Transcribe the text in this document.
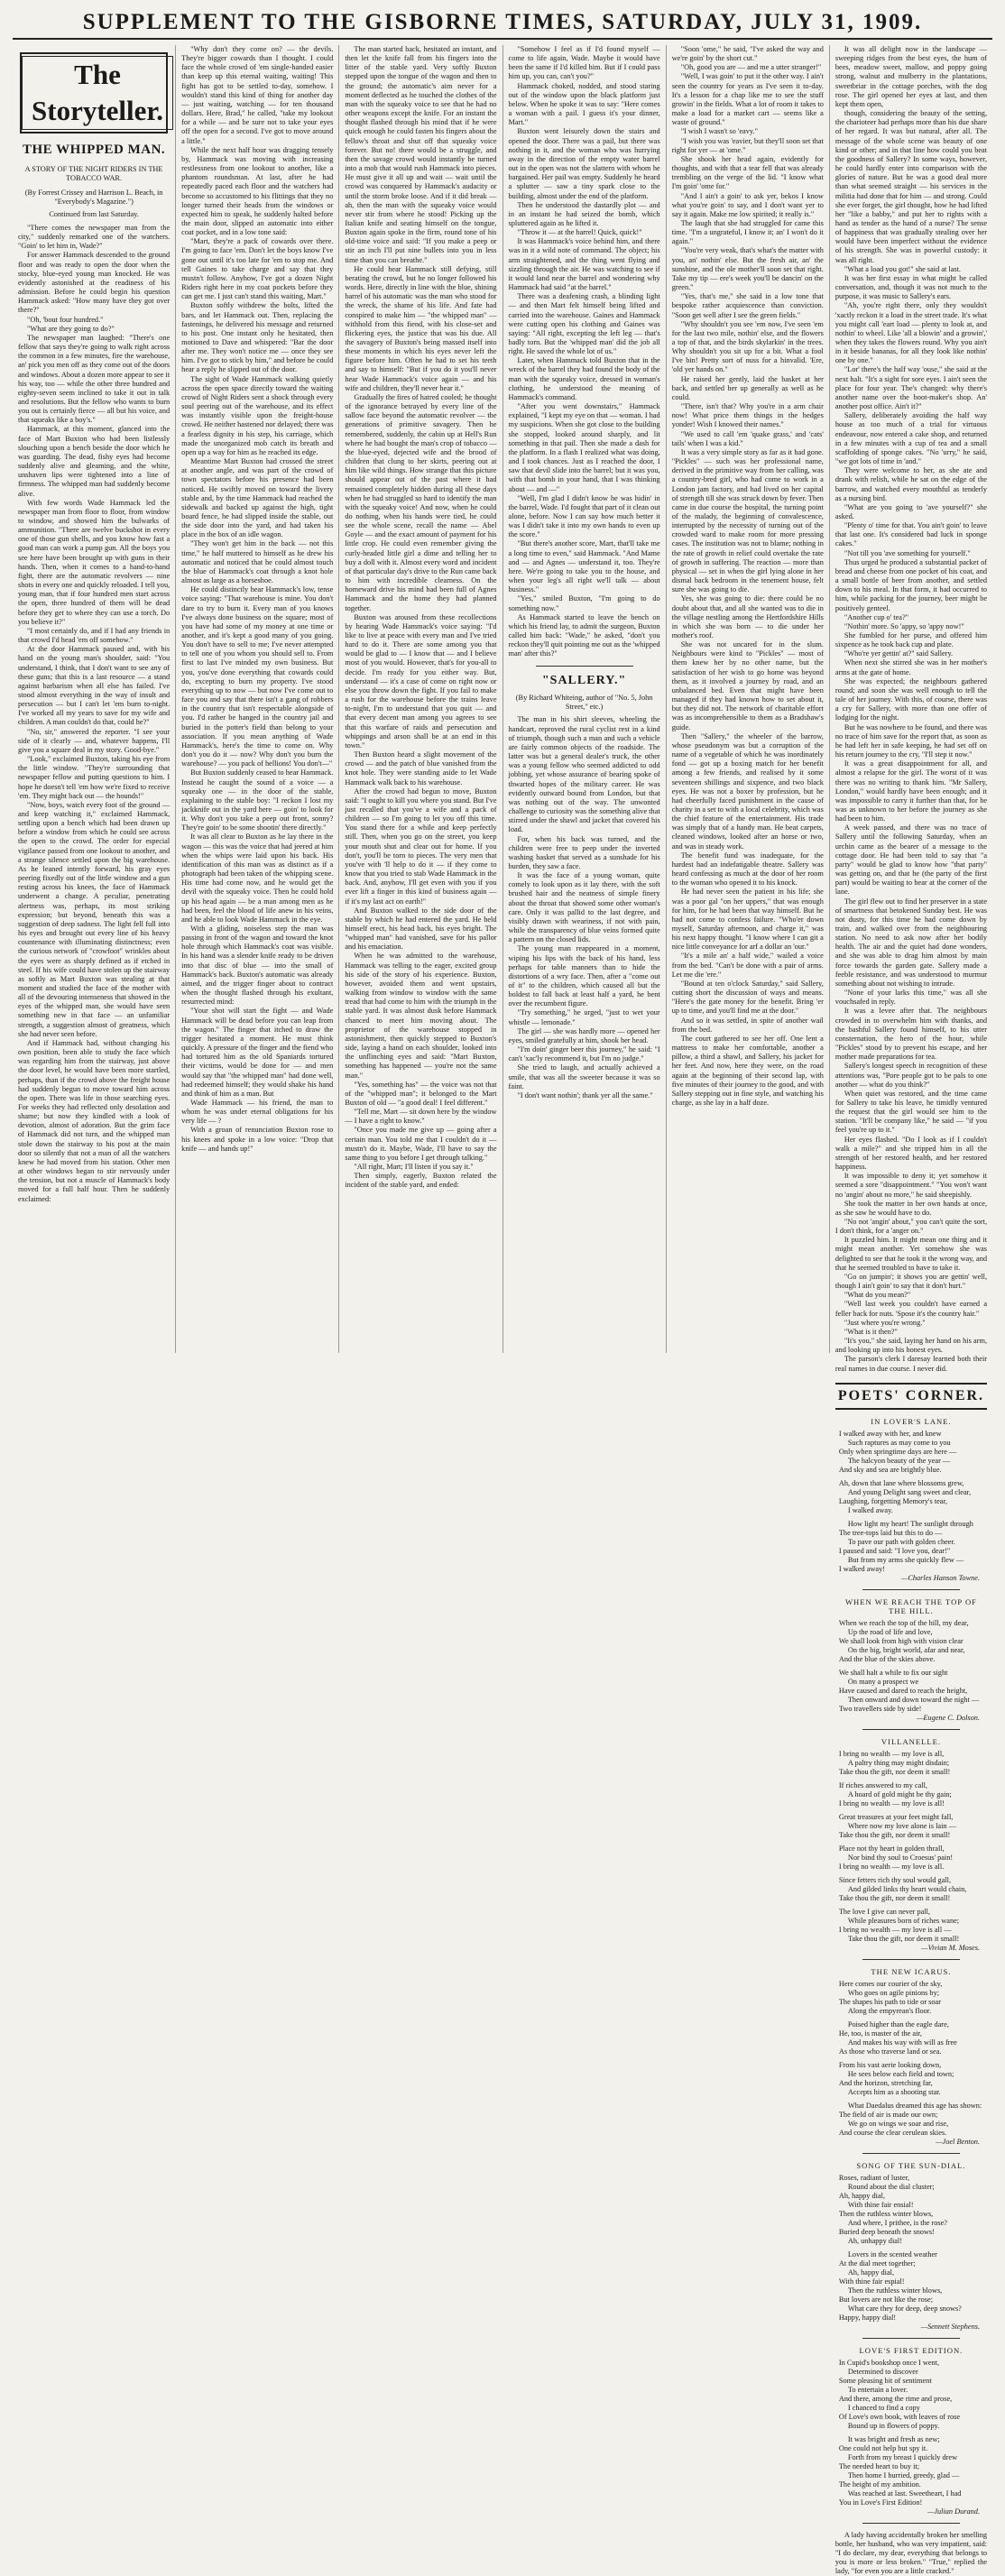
SUPPLEMENT TO THE GISBORNE TIMES, SATURDAY, JULY 31, 1909.
The Storyteller.
THE WHIPPED MAN.
A STORY OF THE NIGHT RIDERS IN THE TOBACCO WAR.
(By Forrest Crissey and Harrison L. Beach, in "Everybody's Magazine.")
Continued from last Saturday.

"There comes the newspaper man from the city," suddenly remarked one of the watchers. "Goin' to let him in, Wade?"

For answer Hammack descended to the ground floor and was ready to open the door when the stocky, blue-eyed young man knocked. He was evidently astonished at the readiness of his admission. Before he could begin his question Hammack asked: "How many have they got over there?"

"Oh, 'bout four hundred."

"What are they going to do?"

The newspaper man laughed: "There's one fellow that says they're going to walk right across the common in a few minutes, fire the warehouse, an' pick you men off as they come out of the doors and windows. About a dozen more appear to see it his way, too — while the other three hundred and eighty-seven seem inclined to take it out in talk and resolutions. But the fellow who wants to burn you out is certainly fierce — all but his voice, and that squeaks like a boy's."

Hammack, at this moment, glanced into the face of Mart Buxton who had been listlessly slouching upon a bench beside the door which he was guarding. The dead, fishy eyes had become suddenly alive and gleaming, and the white, unshaven lips were tightened into a line of firmness. The whipped man had suddenly become alive.

With few words Wade Hammack led the newspaper man from floor to floor, from window to window, and showed him the bulwarks of ammunition. "There are twelve buckshot in every one of those gun shells, and you know how fast a good man can work a pump gun. All the boys you see here have been brought up with guns in their hands. Then, when it comes to a hand-to-hand fight, there are the automatic revolvers — nine shots in every one and quickly reloaded. I tell you, young man, that if four hundred men start across the open, three hundred of them will be dead before they get to where they can use a torch. Do you believe it?"

"I most certainly do, and if I had any friends in that crowd I'd head 'em off somehow."

At the door Hammack paused and, with his hand on the young man's shoulder, said: "You understand, I think, that I don't want to see any of these guns; that this is a last resource — a stand against barbarism when all else has failed. I've stood almost everything in the way of insult and persecution — but I can't let 'em burn to-night. I've worked all my years to save for my wife and children. A man couldn't do that, could he?"

"No, sir," answered the reporter. "I see your side of it clearly — and, whatever happens, I'll give you a square deal in my story. Good-bye."

"Look," exclaimed Buxton, taking his eye from the little window. "They're surrounding that newspaper fellow and putting questions to him. I hope he doesn't tell 'em how we're fixed to receive 'em. They might back out — the hounds!"

"Now, boys, watch every foot of the ground — and keep watching it," exclaimed Hammack, settling upon a bench which had been drawn up before a window from which he could see across the open to the crowd. The order for especial vigilance passed from one lookout to another, and a strange silence settled upon the big warehouse. As he leaned intently forward, his gray eyes peering fixedly out of the little window and a gun resting across his knees, the face of Hammack underwent a change. A peculiar, penetrating alertness was, perhaps, its most striking expression; but beyond, beneath this was a suggestion of deep sadness. The light fell full into his eyes and brought out every line of his heavy countenance with illuminating distinctness; even the curious network of "crowfoot" wrinkles about the eyes were as sharply defined as if etched in steel. If his wife could have stolen up the stairway as softly as Mart Buxton was stealing at that moment and studied the face of the mother with all of the devouring intenseness that showed in the eyes of the whipped man, she would have seen something new in that face — an unfamiliar strength, a suggestion almost of greatness, which she had never seen before.

And if Hammack had, without changing his own position, been able to study the face which was regarding him from the stairway, just above the door level, he would have been more startled, perhaps, than if the crowd above the freight house had suddenly begun to move toward him across the open. There was life in those searching eyes. For weeks they had reflected only desolation and shame; but now they kindled with a look of devotion, almost of adoration. But the grim face of Hammack did not turn, and the whipped man stole down the stairway to his post at the main door so silently that not a man of all the watchers knew he had moved from his station. Other men at other windows began to stir nervously under the tension, but not a muscle of Hammack's body moved for a full half hour. Then he suddenly exclaimed:

"Why don't they come on? — the devils. They're bigger cowards than I thought. I could face the whole crowd of 'em single-handed easier than keep up this eternal waiting, waiting! This fight has got to be settled to-day, somehow. I wouldn't stand this kind of thing for another day — just waiting, watching — for ten thousand dollars. Here, Brad," he called, "take my lookout for a while — and be sure not to take your eyes off the open for a second. I've got to move around a little."

While the next half hour was dragging tensely by, Hammack was moving with increasing restlessness from one lookout to another, like a phantom roundsman. At last, after he had repeatedly paced each floor and the watchers had become so accustomed to his flittings that they no longer turned their heads from the windows or expected him to speak, he suddenly halted before the main door, slipped an automatic into either coat pocket, and in a low tone said:

"Mart, they're a pack of cowards over there. I'm going to face 'em. Don't let the boys know I've gone out until it's too late for 'em to stop me. And tell Gaines to take charge and say that they mustn't follow. Anyhow, I've got a dozen Night Riders right here in my coat pockets before they can get me. I just can't stand this waiting, Mart."

Buxton softly withdrew the bolts, lifted the bars, and let Hammack out. Then, replacing the fastenings, he delivered his message and returned to his post. One instant only he hesitated, then motioned to Dave and whispered: "Bar the door after me. They won't notice me — once they see him. I've got to stick by him," and before he could hear a reply he slipped out of the door.

The sight of Wade Hammack walking quietly across the open space directly toward the waiting crowd of Night Riders sent a shock through every soul peering out of the warehouse, and its effect was instantly visible upon the freight-house crowd. He neither hastened nor delayed; there was a fearless dignity in his step, his carriage, which made the unorganized mob catch its breath and open up a way for him as he reached its edge.

Meantime Mart Buxton had crossed the street at another angle, and was part of the crowd of town spectators before his presence had been noticed. He swiftly moved on toward the livery stable and, by the time Hammack had reached the sidewalk and backed up against the high, tight board fence, he had slipped inside the stable, out the side door into the yard, and had taken his place in the box of an idle wagon.

"They won't get him in the back — not this time," he half muttered to himself as he drew his automatic and noticed that he could almost touch the blue of Hammack's coat through a knot hole almost as large as a horseshoe.

He could distinctly hear Hammack's low, tense voice saying: "That warehouse is mine. You don't dare to try to burn it. Every man of you knows I've always done business on the square; most of you have had some of my money at one time or another, and it's kept a good many of you going. You don't have to sell to me; I've never attempted to tell one of you whom you should sell to. From first to last I've minded my own business. But you, you've done everything that cowards could do, excepting to burn my property. I've stood everything up to now — but now I've come out to face you and say that there isn't a gang of robbers in the country that isn't respectable alongside of you. I'd rather be hanged in the country jail and buried in the potter's field than belong to your association. If you mean anything of Wade Hammack's, here's the time to come on. Why don't you do it — now? Why don't you burn the warehouse? — you pack of hellions! You don't—"

But Buxton suddenly ceased to hear Hammack. Instead he caught the sound of a voice — a squeaky one — in the door of the stable, explaining to the stable boy: "I reckon I lost my jackknife out in the yard here — goin' to look for it. Why don't you take a peep out front, sonny? They're goin' to be some shootin' there directly."

It was all clear to Buxton as he lay there in the wagon — this was the voice that had jeered at him when the whips were laid upon his back. His identification of this man was as distinct as if a photograph had been taken of the whipping scene. His time had come now, and he would get the devil with the squeaky voice. Then he could hold up his head again — be a man among men as he had been, feel the blood of life anew in his veins, and he able to look Wade Hammack in the eye.

With a gliding, noiseless step the man was passing in front of the wagon and toward the knot hole through which Hammack's coat was visible. In his hand was a slender knife ready to be driven into that disc of blue — into the small of Hammack's back. Buxton's automatic was already aimed, and the trigger finger about to contract when the thought flashed through his exultant, resurrected mind:

"Your shot will start the fight — and Wade Hammack will be dead before you can leap from the wagon." The finger that itched to draw the trigger hesitated a moment. He must think quickly. A pressure of the finger and the fiend who had tortured him as the old Spaniards tortured their victims, would be done for — and men would say that "the whipped man" had done well, had redeemed himself; they would shake his hand and think of him as a man. But

Wade Hammack — his friend, the man to whom he was under eternal obligations for his very life — ?

With a groan of renunciation Buxton rose to his knees and spoke in a low voice: "Drop that knife — and hands up!"

The man started back, hesitated an instant, and then let the knife fall from his fingers into the litter of the stable yard. Very softly Buxton stepped upon the tongue of the wagon and then to the ground; the automatic's aim never for a moment deflected as he touched the clothes of the man with the squeaky voice to see that he had no other weapons except the knife. For an instant the thought flashed through his mind that if he were quick enough he could fasten his fingers about the fellow's throat and shut off that squeaky voice forever. But no! there would be a struggle, and then the savage crowd would instantly be turned into a mob that would rush Hammack into pieces. He must give it all up and wait — wait until the crowd was conquered by Hammack's audacity or until the storm broke loose. And if it did break — ah, then the man with the squeaky voice would never stir from where he stood! Picking up the Italian knife and seating himself on the tongue, Buxton again spoke in the firm, round tone of his old-time voice and said: "If you make a peep or stir an inch I'll put nine bullets into you in less time than you can breathe."

He could hear Hammack still defying, still berating the crowd, but he no longer followed his words. Here, directly in line with the blue, shining barrel of his automatic was the man who stood for the wreck, the shame of his life. And fate had conspired to make him — "the whipped man" — withhold from this fiend, with his close-set and flickering eyes, the justice that was his due. All the savagery of Buxton's being massed itself into these moments in which his eyes never left the figure before him. Often he had to set his teeth and say to himself: "But if you do it you'll never hear Wade Hammack's voice again — and his wife and children, they'll never hear it."

Gradually the fires of hatred cooled; he thought of the ignorance betrayed by every line of the sallow face beyond the automatic revolver — the generations of primitive savagery. Then he remembered, suddenly, the cabin up at Hell's Run where he had bought the man's crop of tobacco — the blue-eyed, dejected wife and the brood of children that clung to her skirts, peering out at him like wild things. How strange that this picture should appear out of the past where it had remained completely hidden during all these days when he had struggled so hard to identify the man with the squeaky voice! And now, when he could do nothing, when his hands were tied, he could see the whole scene, recall the name — Abel Goyle — and the exact amount of payment for his little crop. He could even remember giving the curly-headed little girl a dime and telling her to buy a doll with it. Almost every word and incident of that particular day's drive to the Run came back to him with incredible clearness. On the homeward drive his mind had been full of Agnes Hammack and the home they had planned together.

Buxton was aroused from these recollections by hearing Wade Hammack's voice saying: "I'd like to live at peace with every man and I've tried hard to do it. There are some among you that would be glad to — I know that — and I believe most of you would. However, that's for you-all to decide. I'm ready for you either way. But, understand — it's a case of come on right now or else you throw down the fight. If you fail to make a rush for the warehouse before the trains leave to-night, I'm to understand that you quit — and that every decent man among you agrees to see that this warfare of raids and persecution and whippings and arson shall be at an end in this town."

Then Buxton heard a slight movement of the crowd — and the patch of blue vanished from the knot hole. They were standing aside to let Wade Hammack walk back to his warehouse.

After the crowd had begun to move, Buxton said: "I ought to kill you where you stand. But I've just recalled that you've a wife and a pack of children — so I'm going to let you off this time. You stand there for a while and keep perfectly still. Then, when you go on the street, you keep your mouth shut and clear out for home. If you don't, you'll be torn to pieces. The very men that you've with 'll help to do it — if they come to know that you tried to stab Wade Hammack in the back. And, anyhow, I'll get even with you if you ever lift a finger in this kind of business again — if it's my last act on earth!"

And Buxton walked to the side door of the stable by which he had entered the yard. He held himself erect, his head back, his eyes bright. The "whipped man" had vanished, save for his pallor and his emaciation.

When he was admitted to the warehouse, Hammack was telling to the eager, excited group his side of the story of his experience. Buxton, however, avoided them and went upstairs, walking from window to window with the same tread that had come to him with the triumph in the stable yard. It was almost dusk before Hammack chanced to meet him moving about. The proprietor of the warehouse stopped in astonishment, then quickly stepped to Buxton's side, laying a hand on each shoulder, looked into the unflinching eyes and said: "Mart Buxton, something has happened — you're not the same man."

"Yes, something has" — the voice was not that of the "whipped man"; it belonged to the Mart Buxton of old — "a good deal! I feel different."

"Tell me, Mart — sit down here by the window — I have a right to know."

"Once you made me give up — going after a certain man. You told me that I couldn't do it — mustn't do it. Maybe, Wade, I'll have to say the same thing to you before I get through talking."

"All right, Mart; I'll listen if you say it."

Then simply, eagerly, Buxton related the incident of the stable yard, and ended:

"Somehow I feel as if I'd found myself — come to life again, Wade. Maybe it would have been the same if I'd killed him. But if I could pass him up, you can, can't you?"

Hammack choked, nodded, and stood staring out of the window upon the black platform just below. When he spoke it was to say: "Here comes a woman with a pail. I guess it's your dinner, Mart."

Buxton went leisurely down the stairs and opened the door. There was a pail, but there was nothing in it, and the woman who was hurrying away in the direction of the empty water barrel out in the open was not the slattern with whom he bargained. Her pail was empty. Suddenly he heard a splutter — saw a tiny spark close to the building, almost under the end of the platform.

Then he understood the dastardly plot — and in an instant he had seized the bomb, which spluttered again as he lifted it.

"Throw it — at the barrel! Quick, quick!"

It was Hammack's voice behind him, and there was in it a wild note of command. The object; his arm straightened, and the thing went flying and sizzling through the air. He was watching to see if it would land near the barrel and wondering why Hammack had said "at the barrel."

There was a deafening crash, a blinding light — and then Mart felt himself being lifted and carried into the warehouse. Gaines and Hammack were cutting open his clothing and Gaines was saying: "All right, excepting the left leg — that's badly torn. But the 'whipped man' did the job all right. He saved the whole lot of us."

Later, when Hammack told Buxton that in the wreck of the barrel they had found the body of the man with the squeaky voice, dressed in woman's clothing, he understood the meaning of Hammack's command.

"After you went downstairs," Hammack explained, "I kept my eye on that — woman. I had my suspicions. When she got close to the building she stopped, looked around sharply, and lit something in that pail. Then she made a dash for the platform. In a flash I realized what was doing, and I took chances. Just as I reached the door, I saw that devil slide into the barrel; but it was you, with that bomb in your hand, that I was thinking about — and —"

"Well, I'm glad I didn't know he was hidin' in the barrel, Wade. I'd fought that part of it clean out alone, before. Now I can say how much better it was I didn't take it into my own hands to even up the score."

"But there's another score, Mart, that'll take me a long time to even," said Hammack. "And Mame and — and Agnes — understand it, too. They're here. We're going to take you to the house, and when your leg's all right we'll talk — about business."

"Yes," smiled Buxton, "I'm going to do something now."

As Hammack started to leave the bench on which his friend lay, to admit the surgeon, Buxton called him back: "Wade," he asked, "don't you reckon they'll quit pointing me out as the 'whipped man' after this?"

"SALLERY."
(By Richard Whiteing, author of "No. 5, John Street," etc.)

The man in his shirt sleeves, wheeling the handcart, reproved the rural cyclist rest in a kind of triumph, though such a man and such a vehicle are fairly common objects of the roadside. The latter was but a general dealer's truck, the other was a young fellow who seemed addicted to odd jobbing, yet whose assurance of bearing spoke of thwarted hopes of the military career. He was evidently outward bound from London, but that was nothing out of the way. The unwonted challenge to curiosity was the something alive that stirred under the shawl and jacket that covered his load.

For, when his back was turned, and the children were free to peep under the inverted washing basket that served as a sunshade for his burden, they saw a face.

It was the face of a young woman, quite comely to look upon as it lay there, with the soft brushed hair and the neatness of simple finery about the throat that showed some other woman's care. Only it was pallid to the last degree, and visibly drawn with weariness, if not with pain, while the transparency of blue veins formed quite a pattern on the closed lids.

The young man reappeared in a moment, wiping his lips with the back of his hand, less perhaps for table manners than to hide the distortions of a wry face. Then, after a "come out of it" to the children, which caused all but the boldest to fall back at least half a yard, he bent over the recumbent figure.

"Try something," he urged, "just to wet your whistle — lemonade."

The girl — she was hardly more — opened her eyes, smiled gratefully at him, shook her head.

"I'm doin' ginger beer this journey," he said: "I can't 'xac'ly recommend it, but I'm no judge."

She tried to laugh, and actually achieved a smile, that was all the sweeter because it was so faint.

"I don't want nothin'; thank yer all the same."

"Soon 'ome," he said, "I've asked the way and we're goin' by the short cut."

"Oh, good you are — and me a utter stranger!"

"Well, I was goin' to put it the other way. I ain't seen the country for years as I've seen it to-day. It's a lesson for a chap like me to see the stuff growin' in the fields. What a lot of room it takes to make a load for a market cart — seems like a waste of ground."

"I wish I wasn't so 'eavy."

"I wish you was 'eavier, but they'll soon set that right for yer — at 'ome."

She shook her head again, evidently for thoughts, and with that a tear fell that was already trembling on the verge of the lid. "I know what I'm goin' 'ome for."

"And I ain't a goin' to ask yer, bekos I know what you're goin' to say, and I don't want yer to say it again. Make me low spirited; it really is."

The laugh that she had struggled for came this time. "I'm a ungrateful, I know it; an' I won't do it again."

"You're very weak, that's what's the matter with you, an' nothin' else. But the fresh air, an' the sunshine, and the ole mother'll soon set that right. Take my tip — ere's week you'll be dancin' on the green."

"Yes, that's me," she said in a low tone that bespoke rather acquiescence than conviction. "Soon get well after I see the green fields."

"Why shouldn't you see 'em now, I've seen 'em for the last two mile, nothin' else, and the flowers a top of that, and the birds skylarkin' in the trees. Why shouldn't you sit up for a bit. What a fool I've bin! Pretty sort of nuss for a hinvalid. 'Ere, 'old yer hands on."

He raised her gently, laid the basket at her back, and settled her up generally as well as he could.

"There, isn't that? Why you're in a arm chair now! What price them things in the hedges yonder! Wish I knowed their names."

"We used to call 'em 'quake grass,' and 'cats' tails' when I was a kid."

It was a very simple story as far as it had gone. "Pickles" — such was her professional name, derived in the primitive way from her calling, was a country-bred girl, who had come to work in a London jam factory, and had lived on her capital of strength till she was struck down by fever. Then came in due course the hospital, the turning point of the malady, the beginning of convalescence, interrupted by the necessity of turning out of the crowded ward to make room for more pressing cases. The institution was not to blame; nothing in the rate of growth in relief could overtake the rate of growth in suffering. The reaction — more than physical — set in when the girl lying alone in her dismal back bedroom in the tenement house, felt sure she was going to die.

Yes, she was going to die: there could be no doubt about that, and all she wanted was to die in the village nestling among the Hertfordshire Hills in which she was born — to die under her mother's roof.

She was not uncared for in the slum. Neighbours were kind to "Pickles" — most of them knew her by no other name, but the satisfaction of her wish to go home was beyond them, as it involved a journey by road, and an unbalanced bed. Even that might have been managed if they had known how to set about it, but they did not. The network of charitable effort was as incomprehensible to them as a Bradshaw's guide.

Then "Sallery," the wheeler of the barrow, whose pseudonym was but a corruption of the name of a vegetable of which he was inordinately fond — got up a boxing match for her benefit among a few friends, and realised by it some seventeen shillings and sixpence, and two black eyes. He was not a boxer by profession, but he had cheerfully faced punishment in the cause of charity in a set to with a local celebrity, which was the chief feature of the entertainment. His trade was simply that of a handy man. He beat carpets, cleaned windows, looked after an horse or two, and was in steady work.

The benefit fund was inadequate, for the hardest had an indefatigable theatre. Sallery was heard confessing as much at the door of her room to the woman who opened it to his knock.

He had never seen the patient in his life; she was a poor gal "on her uppers," that was enough for him, for he had been that way himself. But he had not come to confess failure. "Who'er down myself, Saturday afternoon, and charge it," was his next happy thought. "I know where I can git a nice little conveyance for arf a dollar an 'our."

"It's a mile an' a half wide," wailed a voice from the bed. "Can't be done with a pair of arms. Let me die 'ere."

"Bound at ten o'clock Saturday," said Sallery, cutting short the discussion of ways and means. "Here's the gate money for the benefit. Bring 'er up to time, and you'll find me at the door."

And so it was settled, in spite of another wail from the bed.

The court gathered to see her off. One lent a mattress to make her comfortable, another a pillow, a third a shawl, and Sallery, his jacket for her feet. And now, here they were, on the road again at the beginning of their second lap, with five minutes of their journey to the good, and with Sallery stepping out in fine style, and watching his charge, as she lay in a half doze.

It was all delight now in the landscape — sweeping ridges from the best eyes, the hum of bees, meadow sweet, mallow, and poppy going strong, walnut and mulberry in the plantations, sweetbriar in the cottage porches, with the dog rose. The girl opened her eyes at last, and then kept them open,

though, considering the beauty of the setting, the charioteer had perhaps more than his due share of her regard. It was but natural, after all. The message of the whole scene was beauty of one kind or other; and in that line how could you beat the goodness of Sallery? In some ways, however, he could hardly enter into comparison with the glories of nature. But he was a good deal more than what seemed straight — his services in the militia had done that for him — and strong. Could she ever forget, the girl thought, how he had lifted her "like a babby," and put her to rights with a hand as tender as the hand of a nurse? The sense of happiness that was gradually stealing over her would have been imperfect without the evidence of his strength. She was in powerful custody: it was all right.

"What a load you got!" she said at last.

It was her first essay in what might be called conversation, and, though it was not much to the purpose, it was music to Sallery's ears.

"Ah, you're right there, only they wouldn't 'xactly reckon it a load in the street trade. It's what you might call 'eart load — plenty to look at, and nothin' to wheel. Like 'all a blowin' and a growin',' when they takes the flowers round. Why you ain't in it beside bananas, for all they look like nothin' one by one."

"Lor' there's the half way 'ouse," she said at the next halt. "It's a sight for sore eyes. I ain't seen the place for four year. The's changed: why there's another name over the boot-maker's shop. An' another post office. Ain't it?"

Sallery, deliberately avoiding the half way house as too much of a trial for virtuous endeavour, now entered a cake shop, and returned in a few minutes with a cup of tea and a small scaffolding of sponge cakes. "No 'urry," he said, "we got lots of time in 'and."

They were welcome to her, as she ate and drank with relish, while he sat on the edge of the barrow, and watched every mouthful as tenderly as a nursing bird.

"What are you going to 'ave yourself?" she asked.

"Plenty o' time for that. You ain't goin' to leave that last one. It's considered bad luck in sponge cakes."

"Not till you 'ave something for yourself."

Thus urged he produced a substantial packet of bread and cheese from one pocket of his coat, and a small bottle of beer from another, and settled down to his meal. In that form, it had occurred to him, while packing for the journey, beer might be positively genteel.

"Another cup o' tea?"

"Nothin' more. So 'appy, so 'appy now!"

She fumbled for her purse, and offered him sixpence as he took back cup and plate.

"Who're yer gettin' at?" said Sallery.

When next she stirred she was in her mother's arms at the gate of home.

She was expected; the neighbours gathered round; and soon she was well enough to tell the tale of her journey. With this, of course, there was a cry for Sallery, with more than one offer of lodging for the night.

But he was nowhere to be found, and there was no trace of him save for the report that, as soon as he had left her in safe keeping, he had set off on his return journey to the cry, "I'll step it now."

It was a great disappointment for all, and almost a relapse for the girl. The worst of it was there was no writing to thank him. "Mr Sallery, London," would hardly have been enough; and it was impossible to carry it further than that, for he was as unknown to her before the journey as she had been to him.

A week passed, and there was no trace of Sallery until the following Saturday, when an urchin came as the bearer of a message to the cottage door. He had been told to say that "a party" would be glad to know how "that party" was getting on, and that he (the party of the first part) would be waiting to hear at the corner of the lane.

The girl flew out to find her preserver in a state of smartness that betokened Sunday best. He was not dusty, for this time he had come down by train, and walked over from the neighbouring station. No need to ask now after her bodily health. The air and the quiet had done wonders, and she was able to drag him almost by main force towards the garden gate. Sallery made a feeble resistance, and was understood to murmur something about not wishing to intrude.

"None of your larks this time," was all she vouchsafed in reply.

It was a levee after that. The neighbours crowded in to overwhelm him with thanks, and the bashful Sallery found himself, to his utter consternation, the hero of the hour, while "Pickles" stood by to prevent his escape, and her mother made preparations for tea.

Sallery's longest speech in recognition of these attentions was, "Pore people got to be pals to one another — what do you think?"

When quiet was restored, and the time came for Sallery to take his leave, he timidly ventured the request that the girl would see him to the station. "It'll be company like," he said — "if you feel you're up to it."

Her eyes flashed. "Do I look as if I couldn't walk a mile?" and she tripped him in all the strength of her restored health, and her restored happiness.

It was impossible to deny it; yet somehow it seemed a sore "disappointment." "You won't want no 'angin' about no more," he said sheepishly.

She took the matter in her own hands at once, as she saw he would have to do.

"No not 'angin' about," you can't quite the sort, I don't think, for a 'anger on."

It puzzled him. It might mean one thing and it might mean another. Yet somehow she was delighted to see that he took it the wrong way, and that he seemed troubled to have to take it.

"Go on jumpin'; it shows you are gettin' well, though I ain't goin' to say that it don't hurt."

"What do you mean?"

"Well last week you couldn't have earned a feller back for nuts. 'Spose it's the country hair."

"Just where you're wrong."

"What is it then?"

"It's you," she said, laying her hand on his arm, and looking up into his honest eyes.

The parson's clerk I daresay learned both their real names in due course. I never did.

POETS' CORNER.
IN LOVER'S LANE.
I walked away with her, and knew
Such raptures as may come to you
Only when springtime days are here —
The halcyon beauty of the year —
And sky and sea are brightly blue.
Ah, down that lane where blossoms grew,
And young Delight sang sweet and clear,
Laughing, forgetting Memory's tear,
I walked away.
How light my heart! The sunlight through
The tree-tops laid but this to do —
To pave our path with golden cheer.
I paused and said: "I love you, dear!"
But from my arms she quickly flew —
I walked away!
—Charles Hanson Towne.
WHEN WE REACH THE TOP OF THE HILL.
When we reach the top of the hill, my dear,
Up the road of life and love,
We shall look from high with vision clear
On the big, bright world, afar and near,
And the blue of the skies above.
We shall halt a while to fix our sight
On many a prospect we
Have caused and dared to reach the height,
Then onward and down toward the night —
Two travellers side by side!
—Eugene C. Dolson.
VILLANELLE.
I bring no wealth — my love is all,
A paltry thing may might disdain;
Take thou the gift, nor deem it small!
If riches answered to my call,
A hoard of gold might be thy gain;
I bring no wealth — my love is all!
Great treasures at your feet might fall,
Where now my love alone is lain —
Take thou the gift, nor deem it small!
Place not thy heart in golden thrall,
Nor bind thy soul to Croesus' pain!
I bring no wealth — my love is all.
Since fetters rich thy soul would gall,
And gilded links thy heart would chain,
Take thou the gift, nor deem it small!
The love I give can never pall,
While pleasures born of riches wane;
I bring no wealth — my love is all —
Take thou the gift, nor deem it small!
—Vivian M. Moses.
THE NEW ICARUS.
Here comes our courier of the sky,
Who goes on agile pinions by;
The shapes his path to tide or soar
Along the empyrean's floor.
Poised higher than the eagle dare,
He, too, is master of the air,
And makes his way with will as free
As those who traverse land or sea.
From his vast aerie looking down,
He sees below each field and town;
And the horizon, stretching far,
Accepts him as a shooting star.
What Daedalus dreamed this age has shown:
The field of air is made our own;
We go on wings we soar and rise,
And course the clear cerulean skies.
—Joel Benton.
SONG OF THE SUN-DIAL.
Roses, radiant of luster,
Round about the dial cluster;
Ah, happy dial,
With thine fair ensial!
Then the ruthless winter blows,
And where, I prithee, is the rose?
Buried deep beneath the snows!
Ah, unhappy dial!
Lovers in the scented weather
At the dial meet together;
Ah, happy dial,
With thine fair espial!
Then the ruthless winter blows,
But lovers are not like the rose;
What care they for deep, deep snows?
Happy, happy dial!
—Sennett Stephens.
LOVE'S FIRST EDITION.
In Cupid's bookshop once I went,
Determined to discover
Some pleasing bit of sentiment
To entertain a lover.
And there, among the rime and prose,
I chanced to find a copy
Of Love's own book, with leaves of rose
Bound up in flowers of poppy.
It was bright and fresh as new;
One could not help but spy it.
Forth from my breast I quickly drew
The needed heart to buy it;
Then home I hurried, greedy, glad —
The height of my ambition.
Was reached at last. Sweetheart, I had
You in Love's First Edition!
—Julian Durand.

A lady having accidentally broken her smelling bottle, her husband, who was very impatient, said: "I do declare, my dear, everything that belongs to you is more or less broken." "True," replied the lady, "for even you are a little cracked."
